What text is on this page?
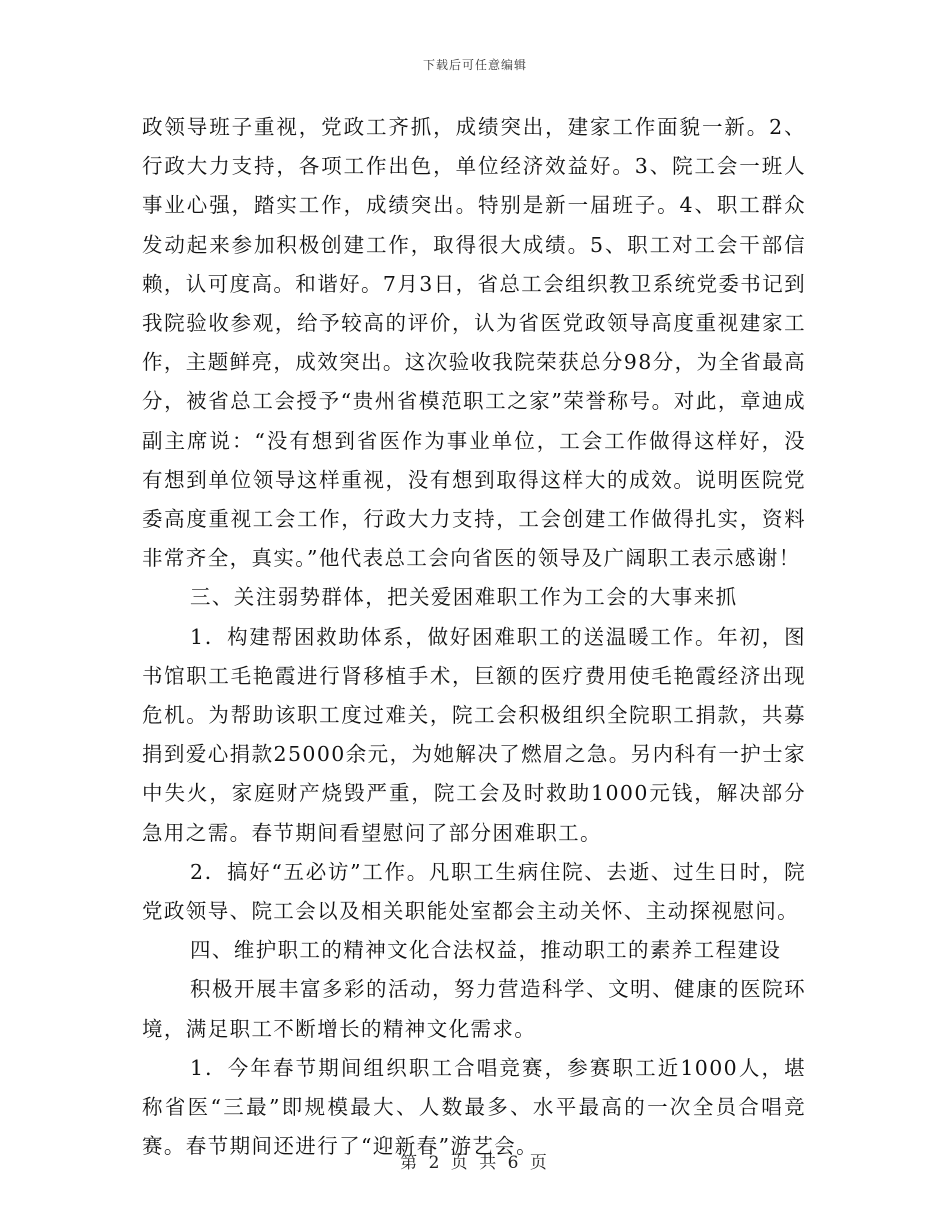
下载后可任意编辑

政领导班子重视，党政工齐抓，成绩突出，建家工作面貌一新。2、行政大力支持，各项工作出色，单位经济效益好。3、院工会一班人事业心强，踏实工作，成绩突出。特别是新一届班子。4、职工群众发动起来参加积极创建工作，取得很大成绩。5、职工对工会干部信赖，认可度高。和谐好。7月3日，省总工会组织教卫系统党委书记到我院验收参观，给予较高的评价，认为省医党政领导高度重视建家工作，主题鲜亮，成效突出。这次验收我院荣获总分98分，为全省最高分，被省总工会授予“贵州省模范职工之家”荣誉称号。对此，章迪成副主席说：“没有想到省医作为事业单位，工会工作做得这样好，没有想到单位领导这样重视，没有想到取得这样大的成效。说明医院党委高度重视工会工作，行政大力支持，工会创建工作做得扎实，资料非常齐全，真实。”他代表总工会向省医的领导及广阔职工表示感谢！

三、关注弱势群体，把关爱困难职工作为工会的大事来抓

1．构建帮困救助体系，做好困难职工的送温暖工作。年初，图书馆职工毛艳霞进行肾移植手术，巨额的医疗费用使毛艳霞经济出现危机。为帮助该职工度过难关，院工会积极组织全院职工捐款，共募捐到爱心捐款25000余元，为她解决了燃眉之急。另内科有一护士家中失火，家庭财产烧毁严重，院工会及时救助1000元钱，解决部分急用之需。春节期间看望慰问了部分困难职工。

2．搞好“五必访”工作。凡职工生病住院、去逝、过生日时，院党政领导、院工会以及相关职能处室都会主动关怀、主动探视慰问。

四、维护职工的精神文化合法权益，推动职工的素养工程建设

积极开展丰富多彩的活动，努力营造科学、文明、健康的医院环境，满足职工不断增长的精神文化需求。

1．今年春节期间组织职工合唱竞赛，参赛职工近1000人，堪称省医“三最”即规模最大、人数最多、水平最高的一次全员合唱竞赛。春节期间还进行了“迎新春”游艺会。

第 2 页 共 6 页
